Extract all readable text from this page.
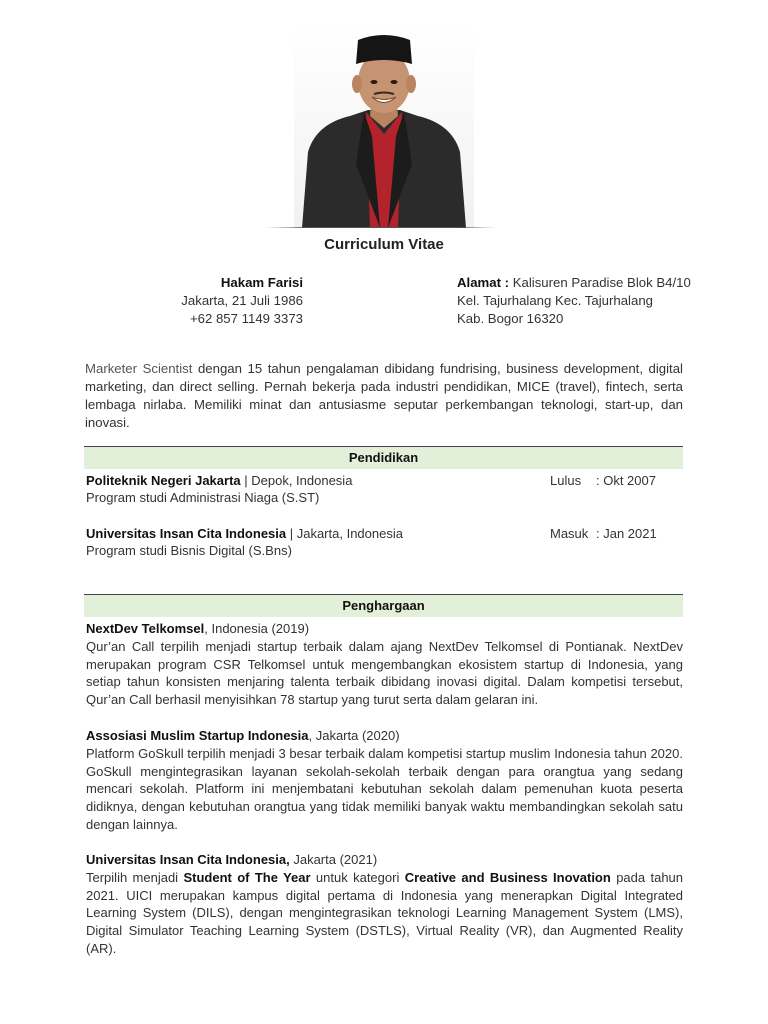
Curriculum Vitae
Hakam Farisi
Jakarta, 21 Juli 1986
+62 857 1149 3373
Alamat : Kalisuren Paradise Blok B4/10
Kel. Tajurhalang Kec. Tajurhalang
Kab. Bogor 16320
Marketer Scientist dengan 15 tahun pengalaman dibidang fundrising, business development, digital marketing, dan direct selling. Pernah bekerja pada industri pendidikan, MICE (travel), fintech, serta lembaga nirlaba. Memiliki minat dan antusiasme seputar perkembangan teknologi, start-up, dan inovasi.
Pendidikan
Politeknik Negeri Jakarta | Depok, Indonesia
Program studi Administrasi Niaga (S.ST)
Lulus : Okt 2007
Universitas Insan Cita Indonesia | Jakarta, Indonesia
Program studi Bisnis Digital (S.Bns)
Masuk : Jan 2021
Penghargaan
NextDev Telkomsel, Indonesia (2019)

Qur’an Call terpilih menjadi startup terbaik dalam ajang NextDev Telkomsel di Pontianak. NextDev merupakan program CSR Telkomsel untuk mengembangkan ekosistem startup di Indonesia, yang setiap tahun konsisten menjaring talenta terbaik dibidang inovasi digital. Dalam kompetisi tersebut, Qur’an Call berhasil menyisihkan 78 startup yang turut serta dalam gelaran ini.

Assosiasi Muslim Startup Indonesia, Jakarta (2020)

Platform GoSkull terpilih menjadi 3 besar terbaik dalam kompetisi startup muslim Indonesia tahun 2020. GoSkull mengintegrasikan layanan sekolah-sekolah terbaik dengan para orangtua yang sedang mencari sekolah. Platform ini menjembatani kebutuhan sekolah dalam pemenuhan kuota peserta didiknya, dengan kebutuhan orangtua yang tidak memiliki banyak waktu membandingkan sekolah satu dengan lainnya.

Universitas Insan Cita Indonesia, Jakarta (2021)

Terpilih menjadi Student of The Year untuk kategori Creative and Business Inovation pada tahun 2021. UICI merupakan kampus digital pertama di Indonesia yang menerapkan Digital Integrated Learning System (DILS), dengan mengintegrasikan teknologi Learning Management System (LMS), Digital Simulator Teaching Learning System (DSTLS), Virtual Reality (VR), dan Augmented Reality (AR).
